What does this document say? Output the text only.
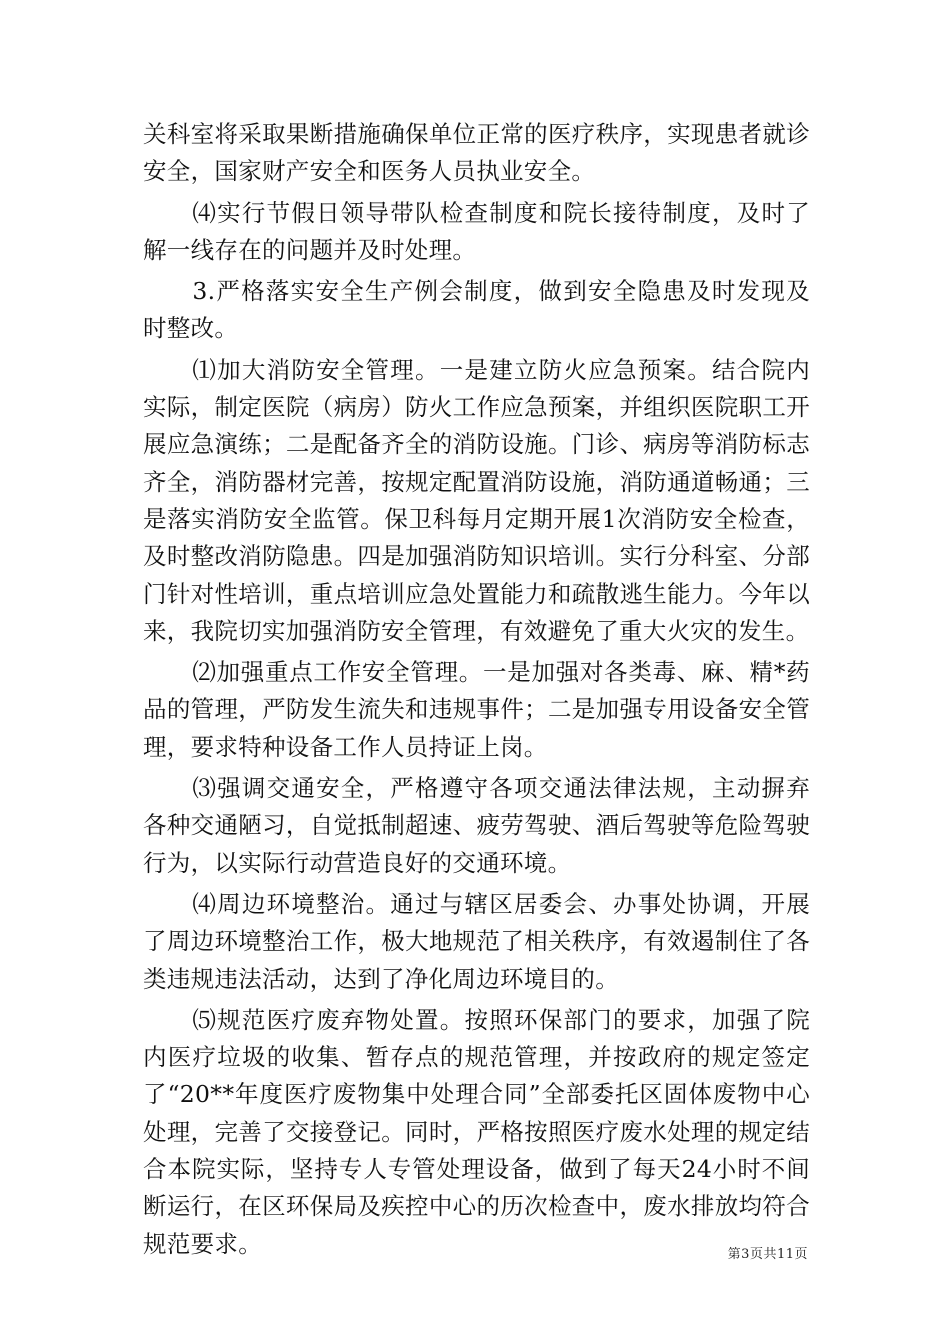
关科室将采取果断措施确保单位正常的医疗秩序，实现患者就诊安全，国家财产安全和医务人员执业安全。

⑷实行节假日领导带队检查制度和院长接待制度，及时了解一线存在的问题并及时处理。

3.严格落实安全生产例会制度，做到安全隐患及时发现及时整改。

⑴加大消防安全管理。一是建立防火应急预案。结合院内实际，制定医院（病房）防火工作应急预案，并组织医院职工开展应急演练；二是配备齐全的消防设施。门诊、病房等消防标志齐全，消防器材完善，按规定配置消防设施，消防通道畅通；三是落实消防安全监管。保卫科每月定期开展1次消防安全检查，及时整改消防隐患。四是加强消防知识培训。实行分科室、分部门针对性培训，重点培训应急处置能力和疏散逃生能力。今年以来，我院切实加强消防安全管理，有效避免了重大火灾的发生。

⑵加强重点工作安全管理。一是加强对各类毒、麻、精*药品的管理，严防发生流失和违规事件；二是加强专用设备安全管理，要求特种设备工作人员持证上岗。

⑶强调交通安全，严格遵守各项交通法律法规，主动摒弃各种交通陋习，自觉抵制超速、疲劳驾驶、酒后驾驶等危险驾驶行为，以实际行动营造良好的交通环境。

⑷周边环境整治。通过与辖区居委会、办事处协调，开展了周边环境整治工作，极大地规范了相关秩序，有效遏制住了各类违规违法活动，达到了净化周边环境目的。

⑸规范医疗废弃物处置。按照环保部门的要求，加强了院内医疗垃圾的收集、暂存点的规范管理，并按政府的规定签定了“20**年度医疗废物集中处理合同”全部委托区固体废物中心处理，完善了交接登记。同时，严格按照医疗废水处理的规定结合本院实际，坚持专人专管处理设备，做到了每天24小时不间断运行，在区环保局及疾控中心的历次检查中，废水排放均符合规范要求。	第3页共11页
